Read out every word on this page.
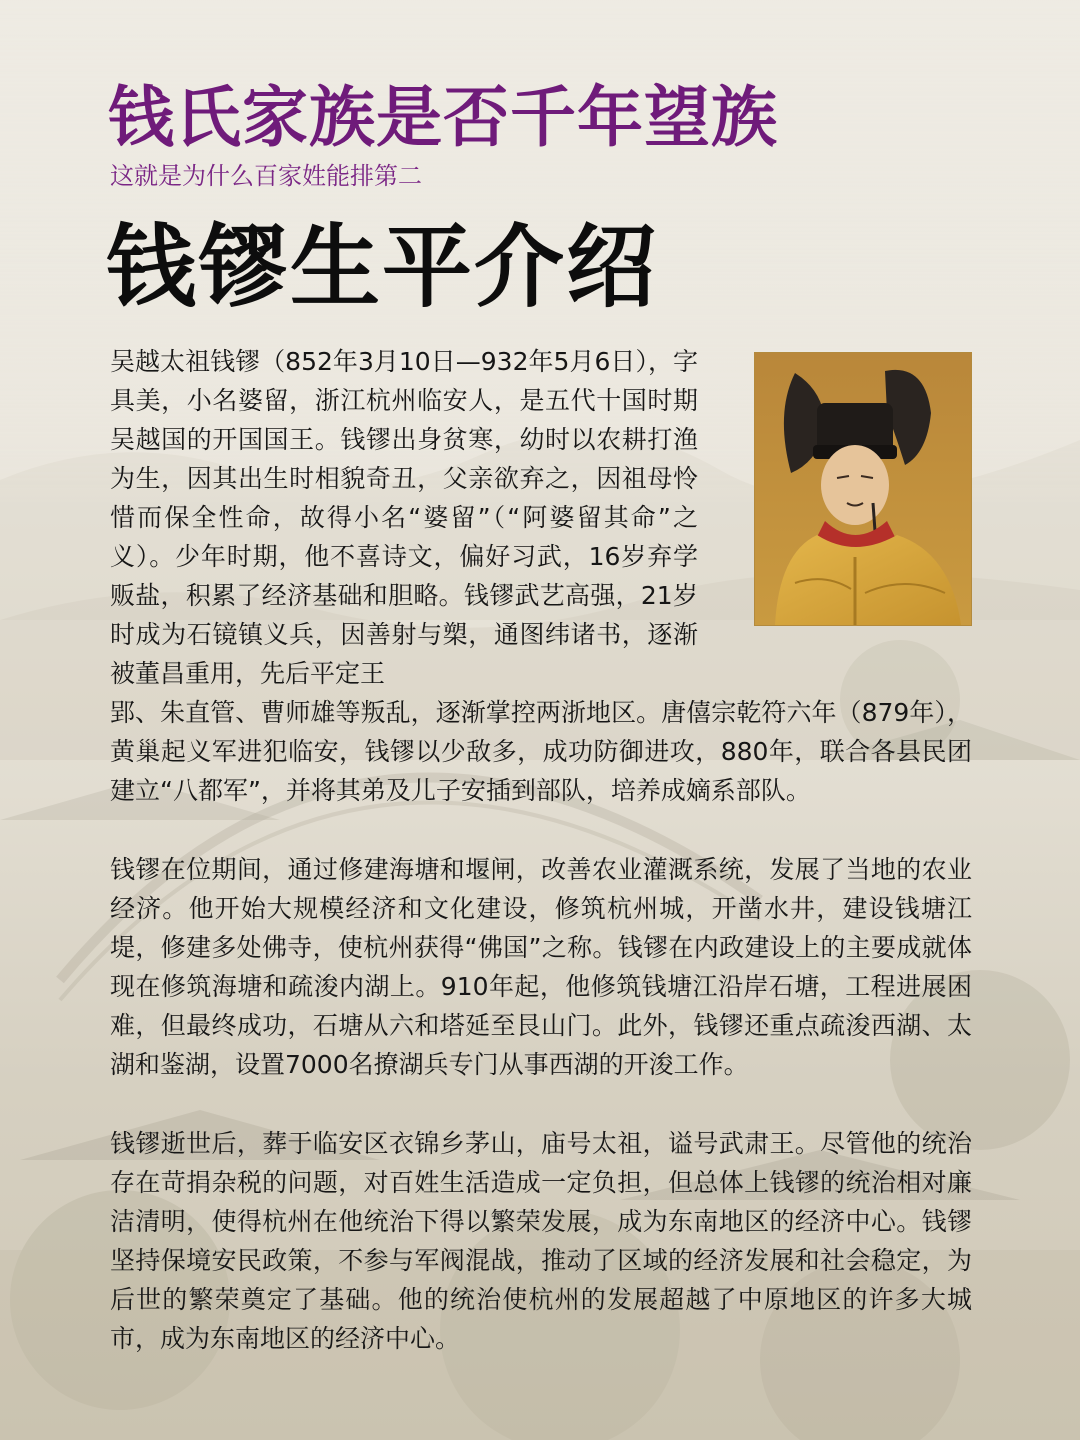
钱氏家族是否千年望族
这就是为什么百家姓能排第二
钱镠生平介绍

吴越太祖钱镠（852年3月10日—932年5月6日），字具美，小名婆留，浙江杭州临安人，是五代十国时期吴越国的开国国王。钱镠出身贫寒，幼时以农耕打渔为生，因其出生时相貌奇丑，父亲欲弃之，因祖母怜惜而保全性命，故得小名“婆留”（“阿婆留其命”之义）。少年时期，他不喜诗文，偏好习武，16岁弃学贩盐，积累了经济基础和胆略。钱镠武艺高强，21岁时成为石镜镇义兵，因善射与槊，通图纬诸书，逐渐被董昌重用，先后平定王

郢、朱直管、曹师雄等叛乱，逐渐掌控两浙地区。唐僖宗乾符六年（879年），黄巢起义军进犯临安，钱镠以少敌多，成功防御进攻，880年，联合各县民团建立“八都军”，并将其弟及儿子安插到部队，培养成嫡系部队。

钱镠在位期间，通过修建海塘和堰闸，改善农业灌溉系统，发展了当地的农业经济。他开始大规模经济和文化建设，修筑杭州城，开凿水井，建设钱塘江堤，修建多处佛寺，使杭州获得“佛国”之称。钱镠在内政建设上的主要成就体现在修筑海塘和疏浚内湖上。910年起，他修筑钱塘江沿岸石塘，工程进展困难，但最终成功，石塘从六和塔延至艮山门。此外，钱镠还重点疏浚西湖、太湖和鉴湖，设置7000名撩湖兵专门从事西湖的开浚工作。

钱镠逝世后，葬于临安区衣锦乡茅山，庙号太祖，谥号武肃王。尽管他的统治存在苛捐杂税的问题，对百姓生活造成一定负担，但总体上钱镠的统治相对廉洁清明，使得杭州在他统治下得以繁荣发展，成为东南地区的经济中心。钱镠坚持保境安民政策，不参与军阀混战，推动了区域的经济发展和社会稳定，为后世的繁荣奠定了基础。他的统治使杭州的发展超越了中原地区的许多大城市，成为东南地区的经济中心。
